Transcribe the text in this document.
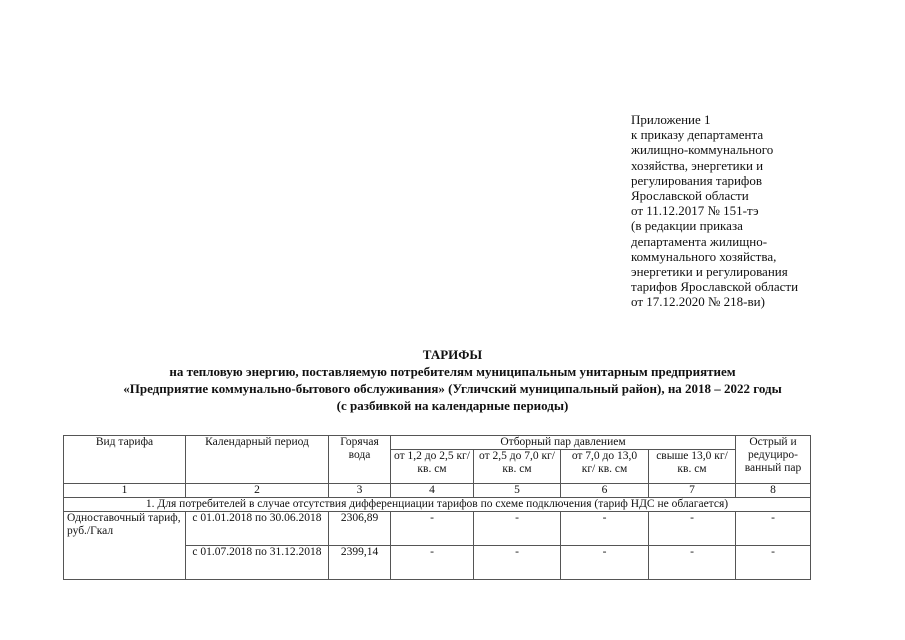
Приложение 1
к приказу департамента
жилищно-коммунального
хозяйства, энергетики и
регулирования тарифов
Ярославской области
от 11.12.2017 № 151-тэ
(в редакции приказа
департамента жилищно-
коммунального хозяйства,
энергетики и регулирования
тарифов Ярославской области
от 17.12.2020 № 218-ви)
ТАРИФЫ
на тепловую энергию, поставляемую потребителям муниципальным унитарным предприятием
«Предприятие коммунально-бытового обслуживания» (Угличский муниципальный район), на 2018 – 2022 годы
(с разбивкой на календарные периоды)
Вид тарифа	Календарный период	Горячая вода	Отборный пар давлением				Острый и редуциро-ванный пар
			от 1,2 до 2,5 кг/ кв. см	от 2,5 до 7,0 кг/ кв. см	от 7,0 до 13,0 кг/ кв. см	свыше 13,0 кг/ кв. см	
1	2	3	4	5	6	7	8
1. Для потребителей в случае отсутствия дифференциации тарифов по схеме подключения (тариф НДС не облагается)							
Одноставочный тариф, руб./Гкал	с 01.01.2018 по 30.06.2018	2306,89	-	-	-	-	-
	с 01.07.2018 по 31.12.2018	2399,14	-	-	-	-	-
